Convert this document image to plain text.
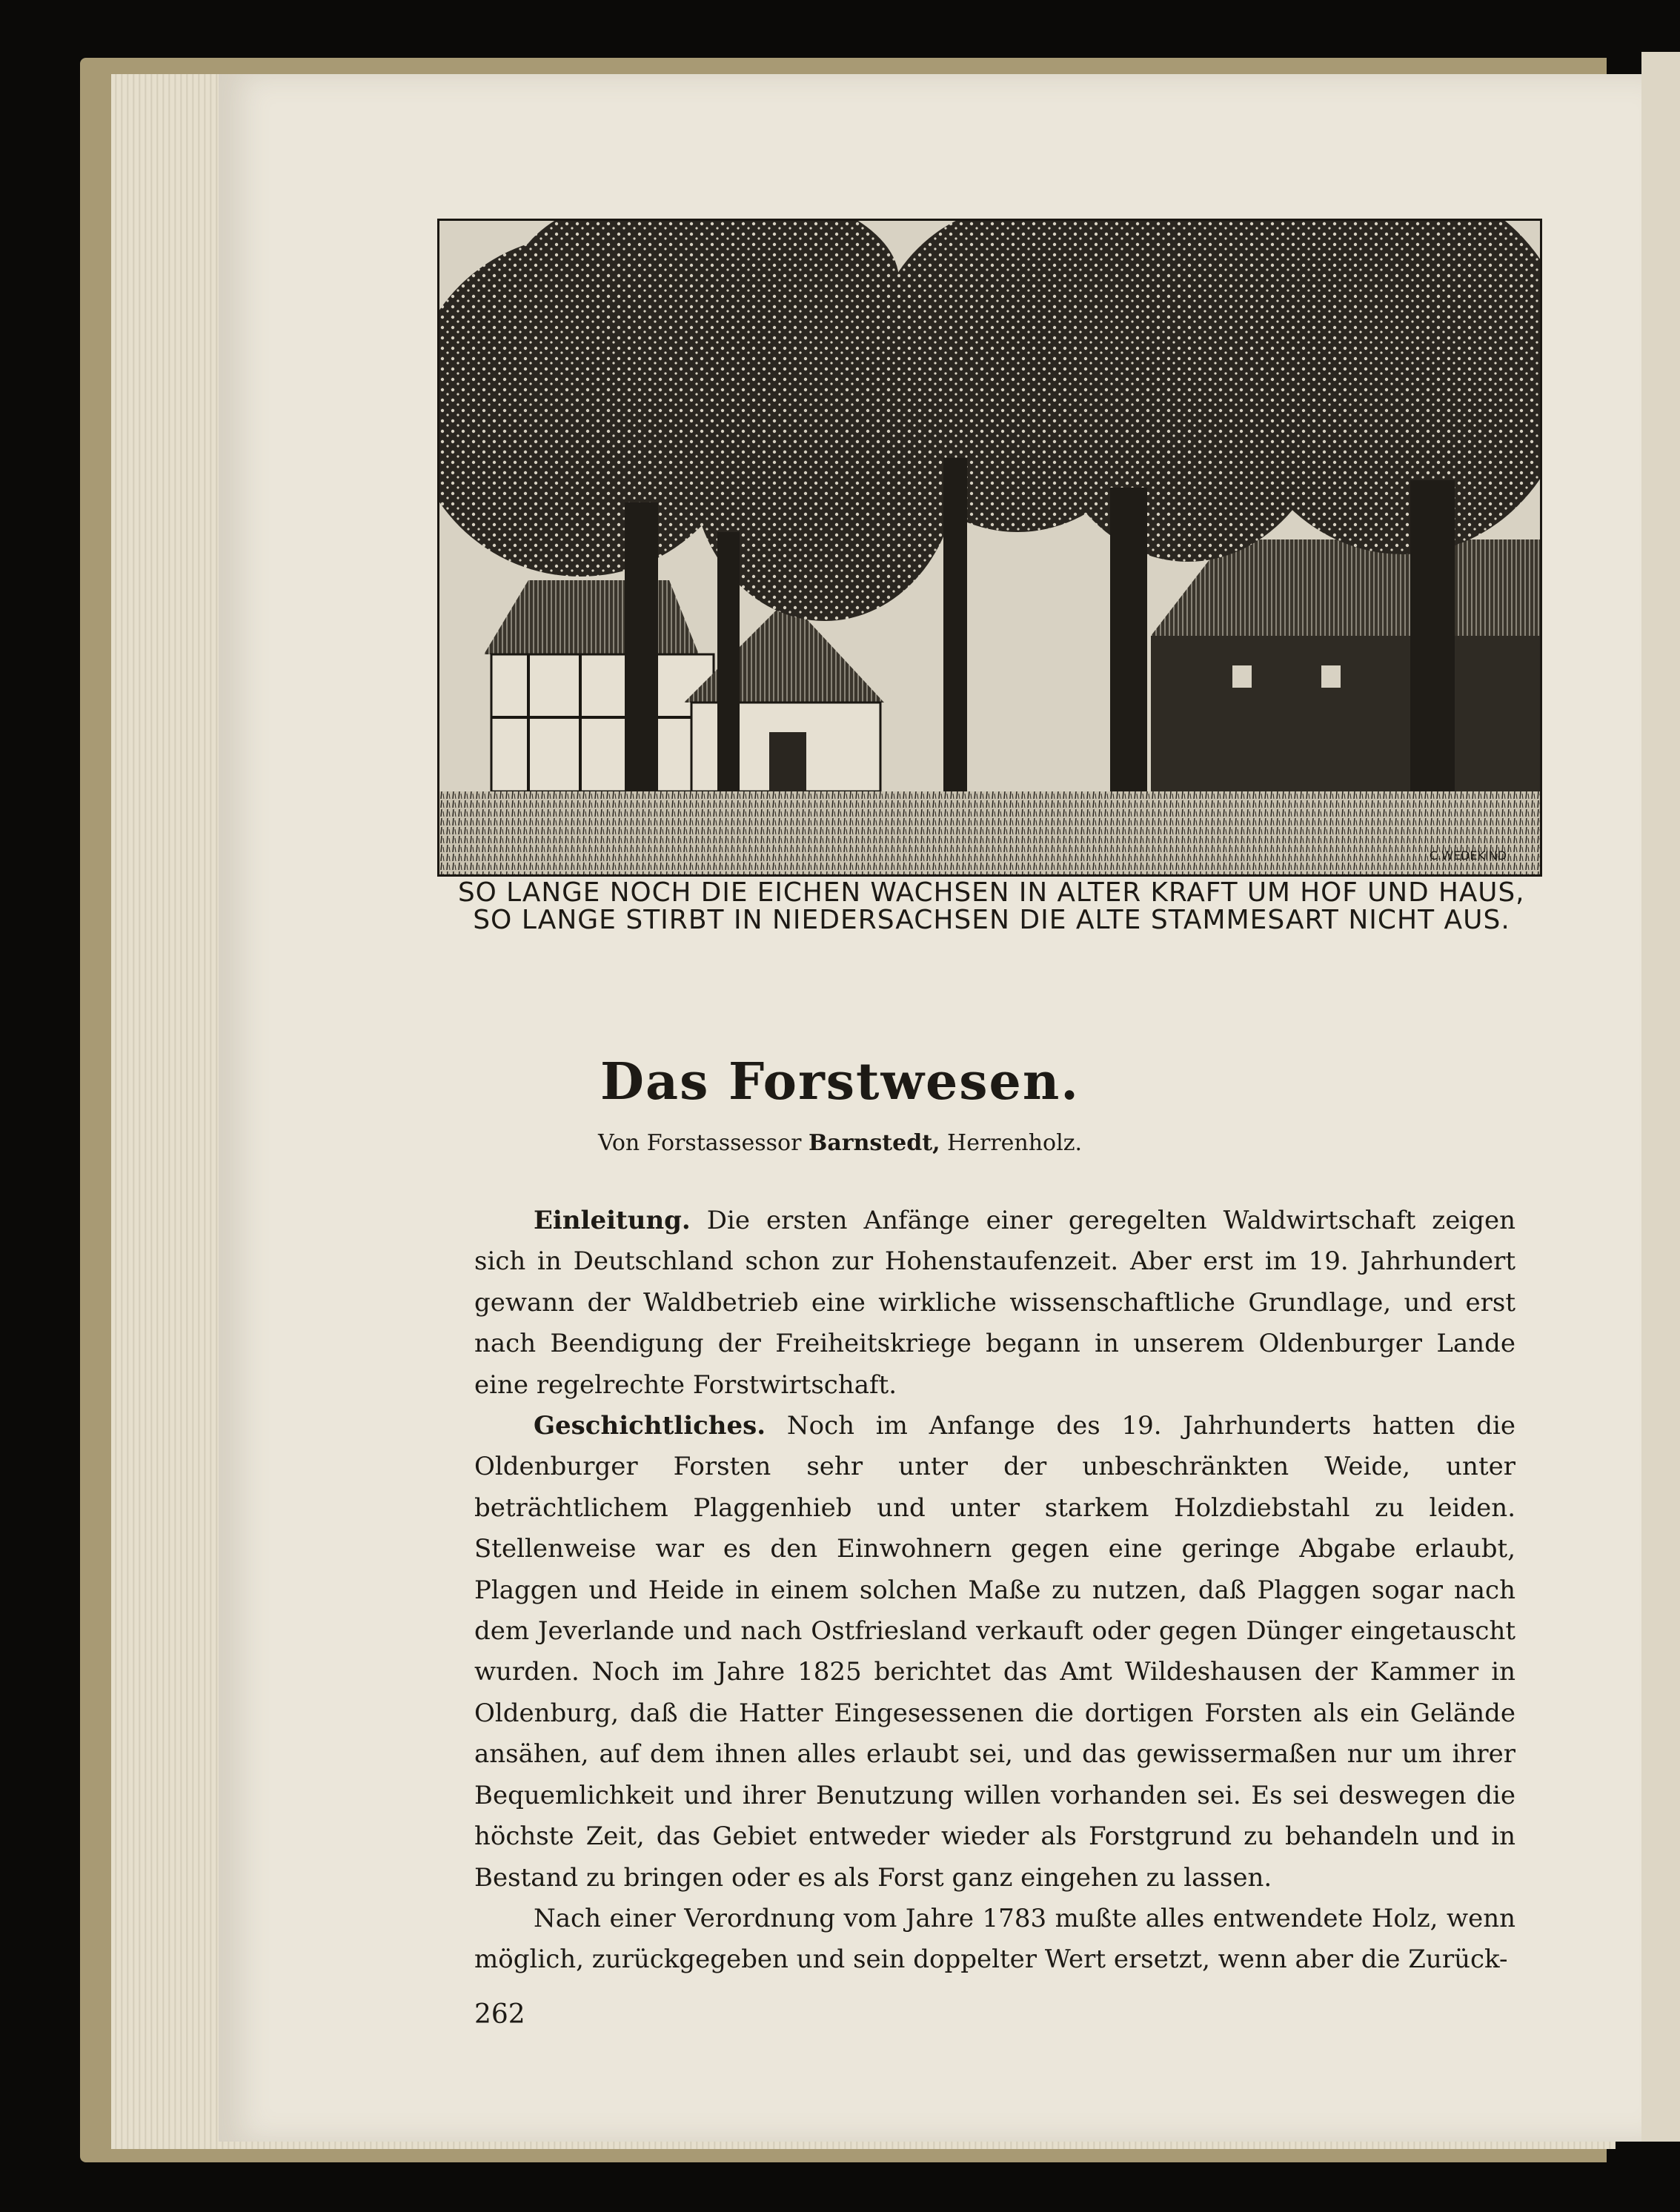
C.WEDEKIND

SO LANGE NOCH DIE EICHEN WACHSEN IN ALTER KRAFT UM HOF UND HAUS,

SO LANGE STIRBT IN NIEDERSACHSEN DIE ALTE STAMMESART NICHT AUS.

Das Forstwesen.
Von Forstassessor Barnstedt, Herrenholz.

Einleitung. Die ersten Anfänge einer geregelten Waldwirtschaft zeigen sich in Deutschland schon zur Hohenstaufenzeit. Aber erst im 19. Jahrhundert gewann der Waldbetrieb eine wirkliche wissenschaftliche Grundlage, und erst nach Beendigung der Freiheitskriege begann in unserem Oldenburger Lande eine regelrechte Forstwirtschaft.

Geschichtliches. Noch im Anfange des 19. Jahrhunderts hatten die Oldenburger Forsten sehr unter der unbeschränkten Weide, unter beträchtlichem Plaggenhieb und unter starkem Holzdiebstahl zu leiden. Stellenweise war es den Einwohnern gegen eine geringe Abgabe erlaubt, Plaggen und Heide in einem solchen Maße zu nutzen, daß Plaggen sogar nach dem Jeverlande und nach Ostfriesland verkauft oder gegen Dünger eingetauscht wurden. Noch im Jahre 1825 berichtet das Amt Wildeshausen der Kammer in Oldenburg, daß die Hatter Eingesessenen die dortigen Forsten als ein Gelände ansähen, auf dem ihnen alles erlaubt sei, und das gewissermaßen nur um ihrer Bequemlichkeit und ihrer Benutzung willen vorhanden sei. Es sei deswegen die höchste Zeit, das Gebiet entweder wieder als Forstgrund zu behandeln und in Bestand zu bringen oder es als Forst ganz eingehen zu lassen.

Nach einer Verordnung vom Jahre 1783 mußte alles entwendete Holz, wenn möglich, zurückgegeben und sein doppelter Wert ersetzt, wenn aber die Zurück-

262
